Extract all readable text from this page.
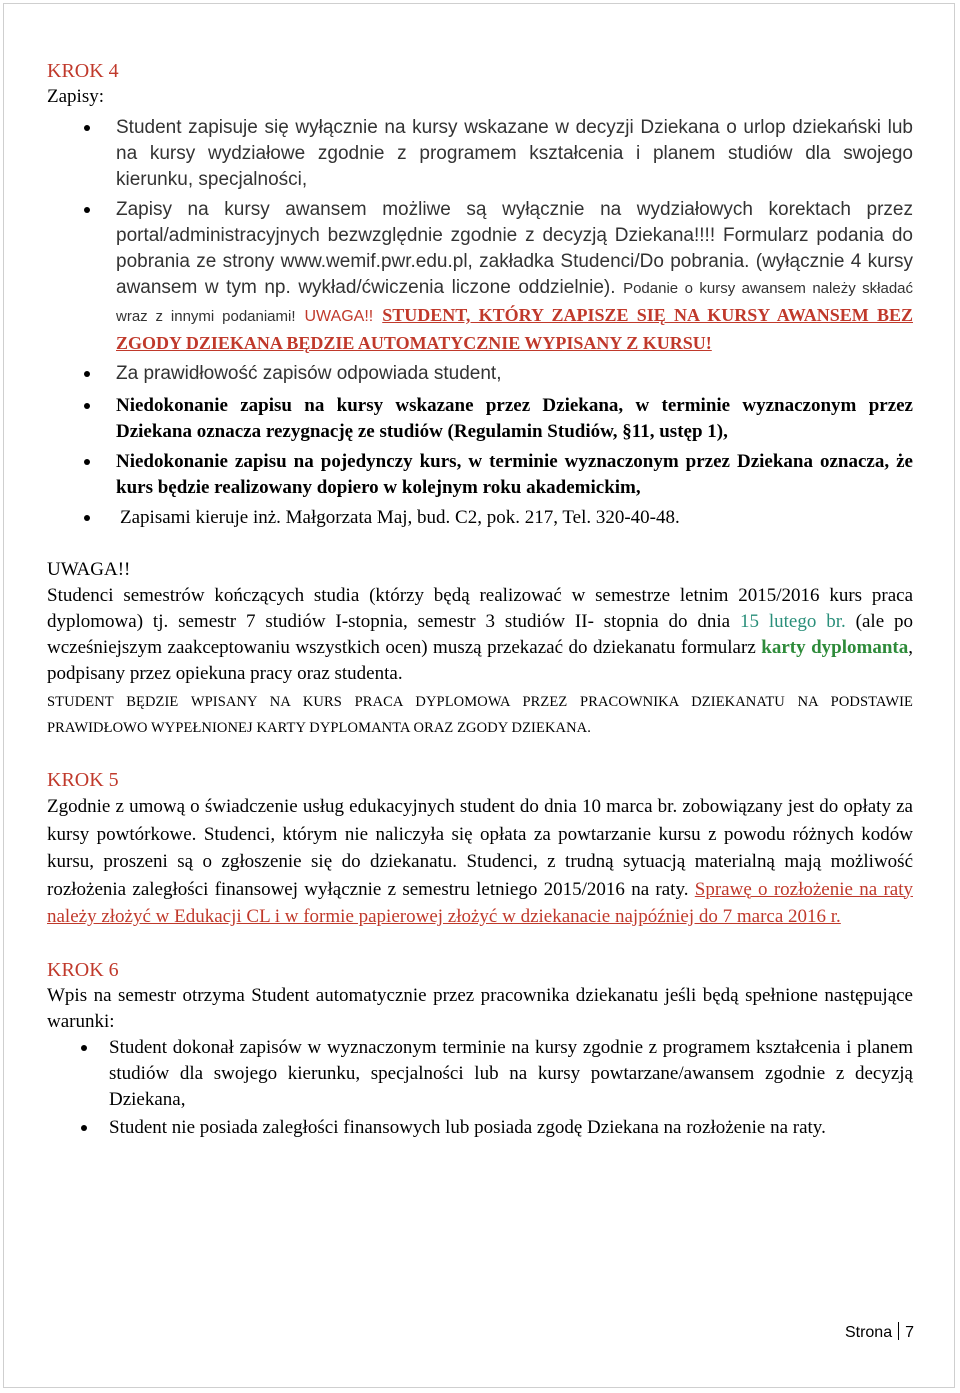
KROK 4
Zapisy:
Student zapisuje się wyłącznie na kursy wskazane w decyzji Dziekana o urlop dziekański lub na kursy wydziałowe zgodnie z programem kształcenia i planem studiów dla swojego kierunku, specjalności,
Zapisy na kursy awansem możliwe są wyłącznie na wydziałowych korektach przez portal/administracyjnych bezwzględnie zgodnie z decyzją Dziekana!!!! Formularz podania do pobrania ze strony www.wemif.pwr.edu.pl, zakładka Studenci/Do pobrania. (wyłącznie 4 kursy awansem w tym np. wykład/ćwiczenia liczone oddzielnie). Podanie o kursy awansem należy składać wraz z innymi podaniami! UWAGA!! STUDENT, KTÓRY ZAPISZE SIĘ NA KURSY AWANSEM BEZ ZGODY DZIEKANA BĘDZIE AUTOMATYCZNIE WYPISANY Z KURSU!
Za prawidłowość zapisów odpowiada student,
Niedokonanie zapisu na kursy wskazane przez Dziekana, w terminie wyznaczonym przez Dziekana oznacza rezygnację ze studiów (Regulamin Studiów, §11, ustęp 1),
Niedokonanie zapisu na pojedynczy kurs, w terminie wyznaczonym przez Dziekana oznacza, że kurs będzie realizowany dopiero w kolejnym roku akademickim,
Zapisami kieruje inż. Małgorzata Maj, bud. C2, pok. 217, Tel. 320-40-48.
UWAGA!!
Studenci semestrów kończących studia (którzy będą realizować w semestrze letnim 2015/2016 kurs praca dyplomowa) tj. semestr 7 studiów I-stopnia, semestr 3 studiów II- stopnia do dnia 15 lutego br. (ale po wcześniejszym zaakceptowaniu wszystkich ocen) muszą przekazać do dziekanatu formularz karty dyplomanta, podpisany przez opiekuna pracy oraz studenta.
STUDENT BĘDZIE WPISANY NA KURS PRACA DYPLOMOWA PRZEZ PRACOWNIKA DZIEKANATU NA PODSTAWIE PRAWIDŁOWO WYPEŁNIONEJ KARTY DYPLOMANTA ORAZ ZGODY DZIEKANA.
KROK 5
Zgodnie z umową o świadczenie usług edukacyjnych student do dnia 10 marca br. zobowiązany jest do opłaty za kursy powtórkowe. Studenci, którym nie naliczyła się opłata za powtarzanie kursu z powodu różnych kodów kursu, proszeni są o zgłoszenie się do dziekanatu. Studenci, z trudną sytuacją materialną mają możliwość rozłożenia zaległości finansowej wyłącznie z semestru letniego 2015/2016 na raty. Sprawę o rozłożenie na raty należy złożyć w Edukacji CL i w formie papierowej złożyć w dziekanacie najpóźniej do 7 marca 2016 r.
KROK 6
Wpis na semestr otrzyma Student automatycznie przez pracownika dziekanatu jeśli będą spełnione następujące warunki:
Student dokonał zapisów w wyznaczonym terminie na kursy zgodnie z programem kształcenia i planem studiów dla swojego kierunku, specjalności lub na kursy powtarzane/awansem zgodnie z decyzją Dziekana,
Student nie posiada zaległości finansowych lub posiada zgodę Dziekana na rozłożenie na raty.
Strona 7
